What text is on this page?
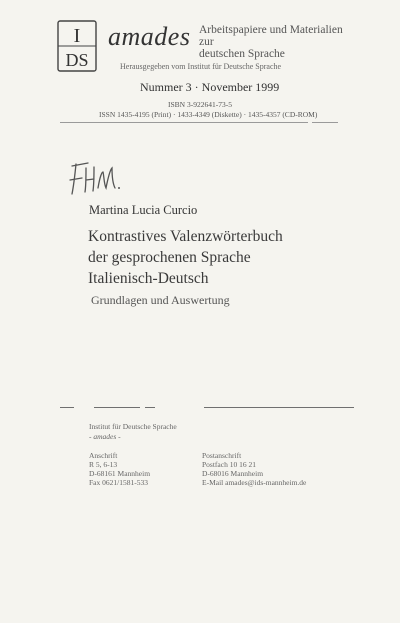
I
DS
amades Arbeitspapiere und Materialien zur
deutschen Sprache
Herausgegeben vom Institut für Deutsche Sprache
Nummer 3 · November 1999
ISBN 3-922641-73-5
ISSN 1435-4195 (Print) · 1433-4349 (Diskette) · 1435-4357 (CD-ROM)
FHW.
Martina Lucia Curcio
Kontrastives Valenzwörterbuch
der gesprochenen Sprache
Italienisch-Deutsch
Grundlagen und Auswertung
Institut für Deutsche Sprache
- amades -
Anschrift
R 5, 6-13
D-68161 Mannheim
Fax 0621/1581-533
Postanschrift
Postfach 10 16 21
D-68016 Mannheim
E-Mail amades@ids-mannheim.de
